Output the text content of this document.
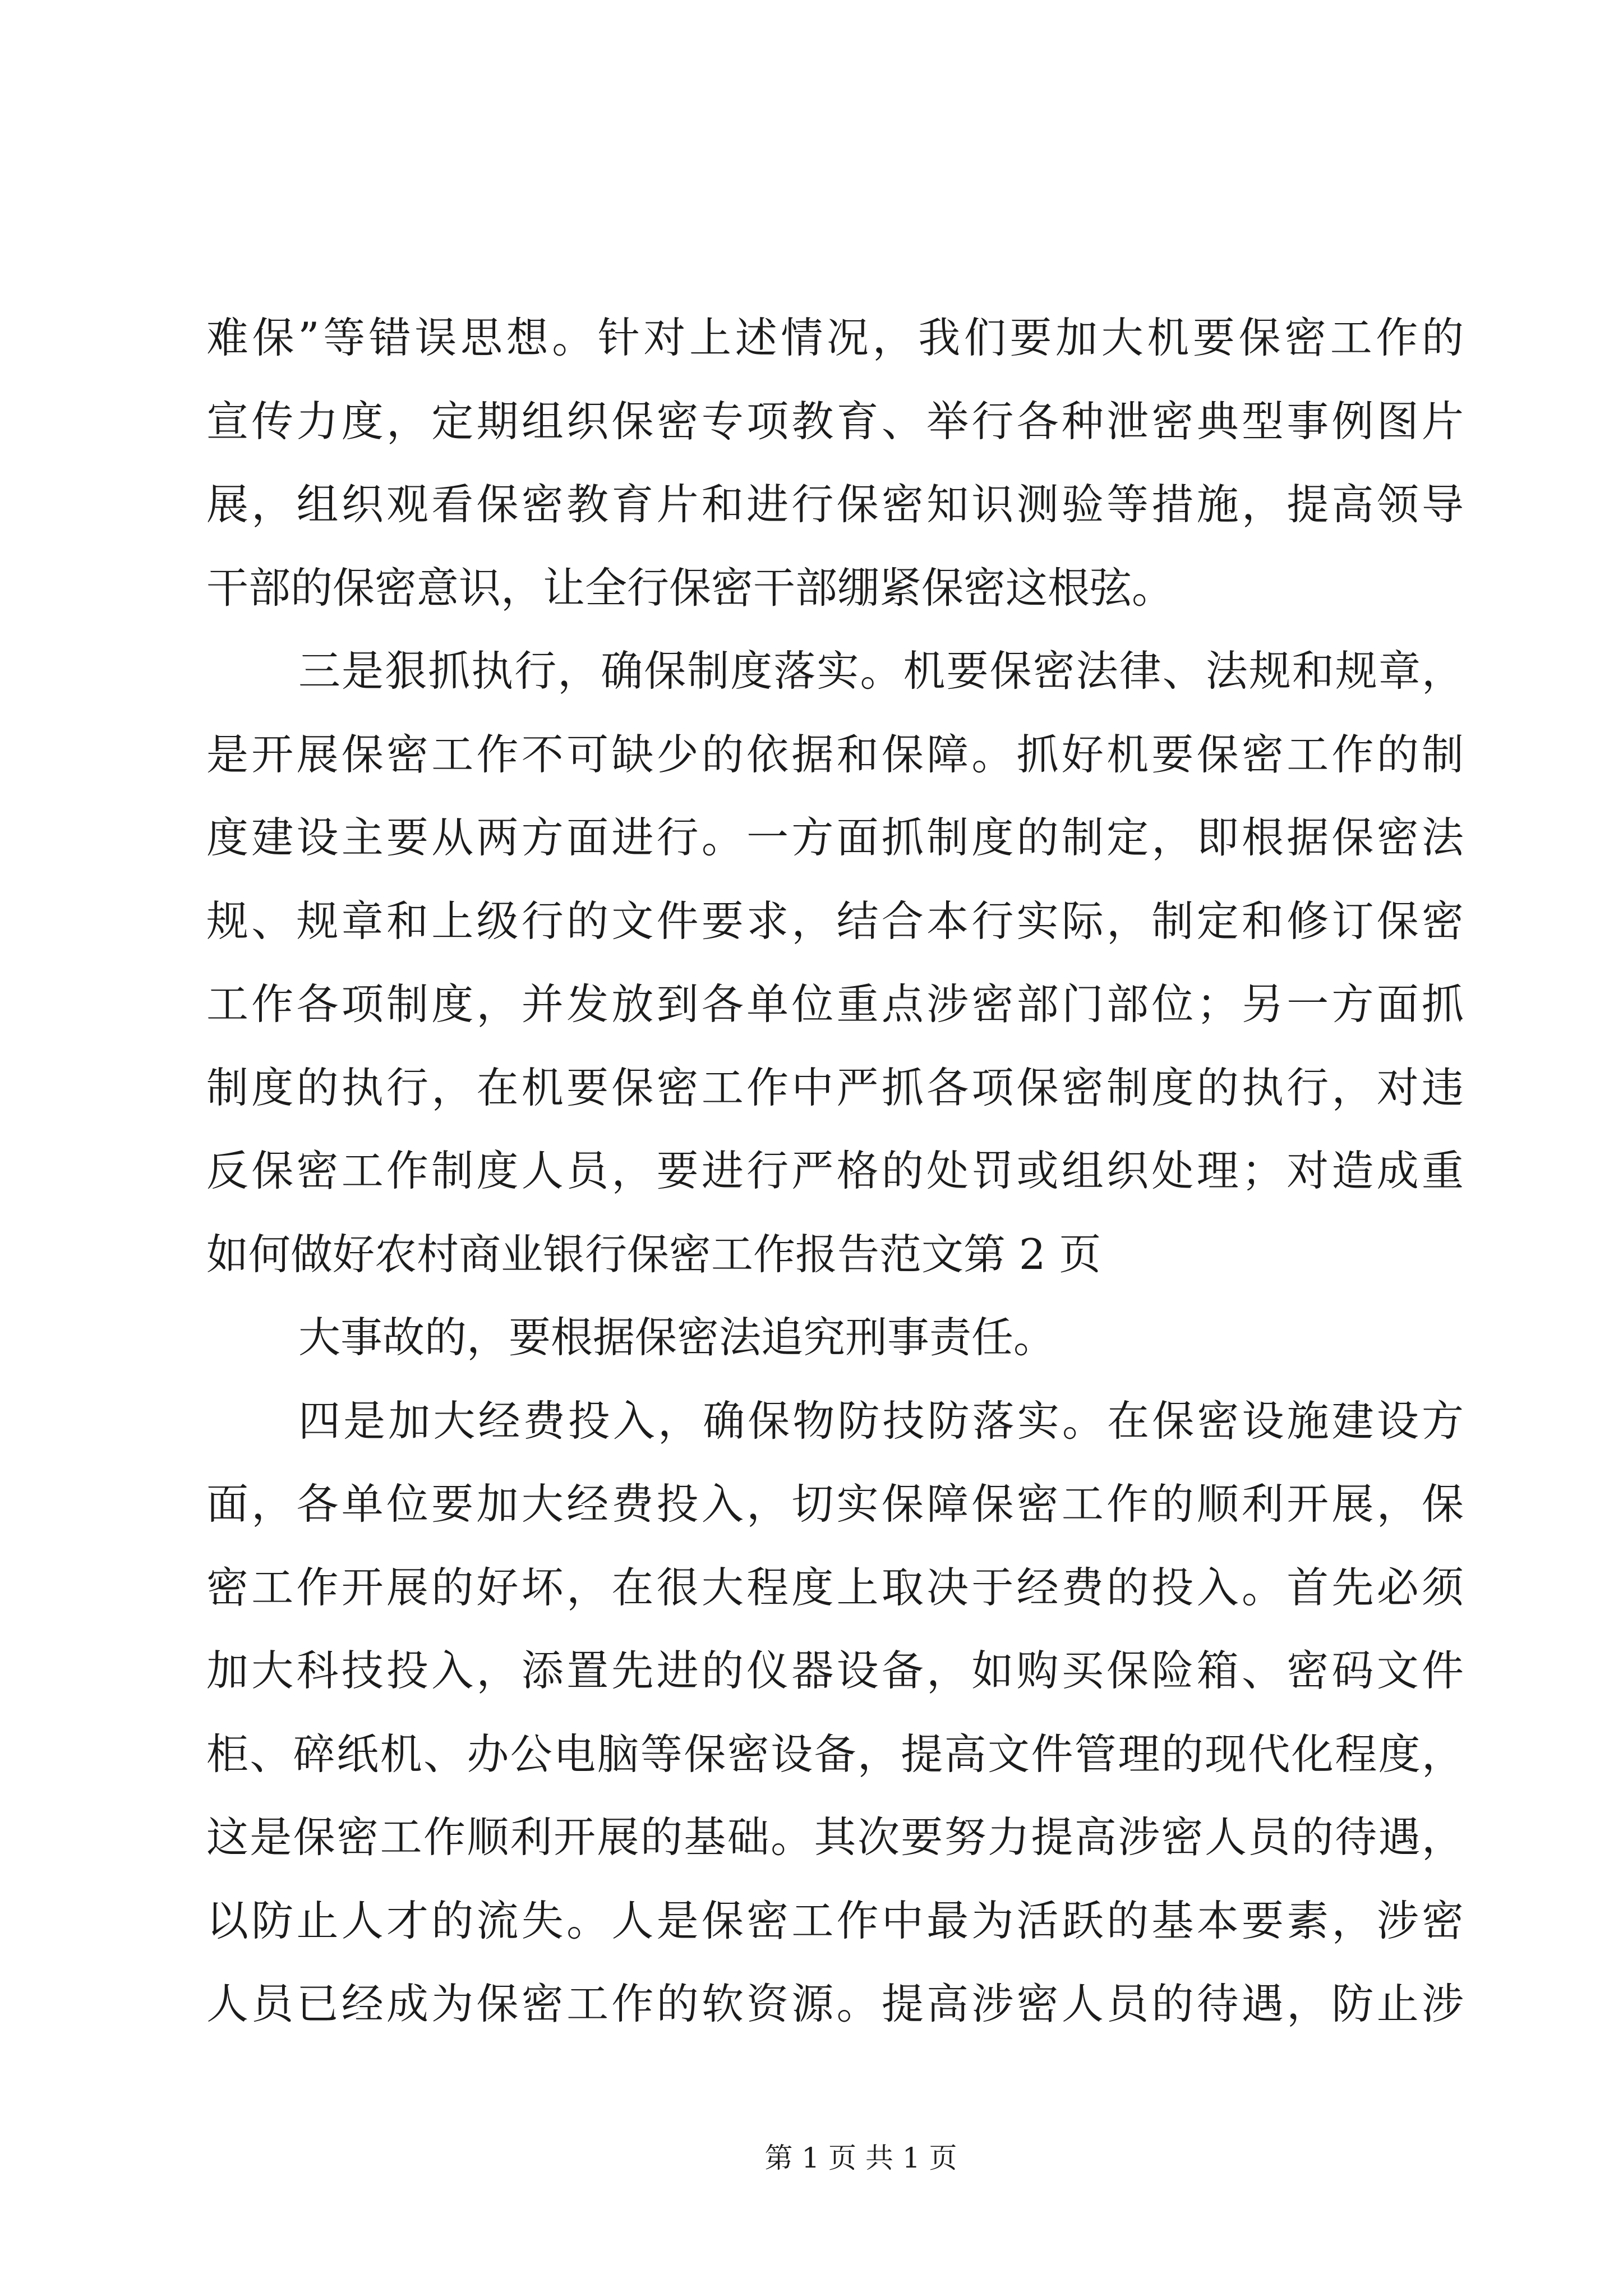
难保”等错误思想。针对上述情况，我们要加大机要保密工作的
宣传力度，定期组织保密专项教育、举行各种泄密典型事例图片
展，组织观看保密教育片和进行保密知识测验等措施，提高领导
干部的保密意识，让全行保密干部绷紧保密这根弦。
三是狠抓执行，确保制度落实。机要保密法律、法规和规章，
是开展保密工作不可缺少的依据和保障。抓好机要保密工作的制
度建设主要从两方面进行。一方面抓制度的制定，即根据保密法
规、规章和上级行的文件要求，结合本行实际，制定和修订保密
工作各项制度，并发放到各单位重点涉密部门部位；另一方面抓
制度的执行，在机要保密工作中严抓各项保密制度的执行，对违
反保密工作制度人员，要进行严格的处罚或组织处理；对造成重
如何做好农村商业银行保密工作报告范文第 2 页
大事故的，要根据保密法追究刑事责任。
四是加大经费投入，确保物防技防落实。在保密设施建设方
面，各单位要加大经费投入，切实保障保密工作的顺利开展，保
密工作开展的好坏，在很大程度上取决于经费的投入。首先必须
加大科技投入，添置先进的仪器设备，如购买保险箱、密码文件
柜、碎纸机、办公电脑等保密设备，提高文件管理的现代化程度，
这是保密工作顺利开展的基础。其次要努力提高涉密人员的待遇，
以防止人才的流失。人是保密工作中最为活跃的基本要素，涉密
人员已经成为保密工作的软资源。提高涉密人员的待遇，防止涉
第 1 页 共 1 页
